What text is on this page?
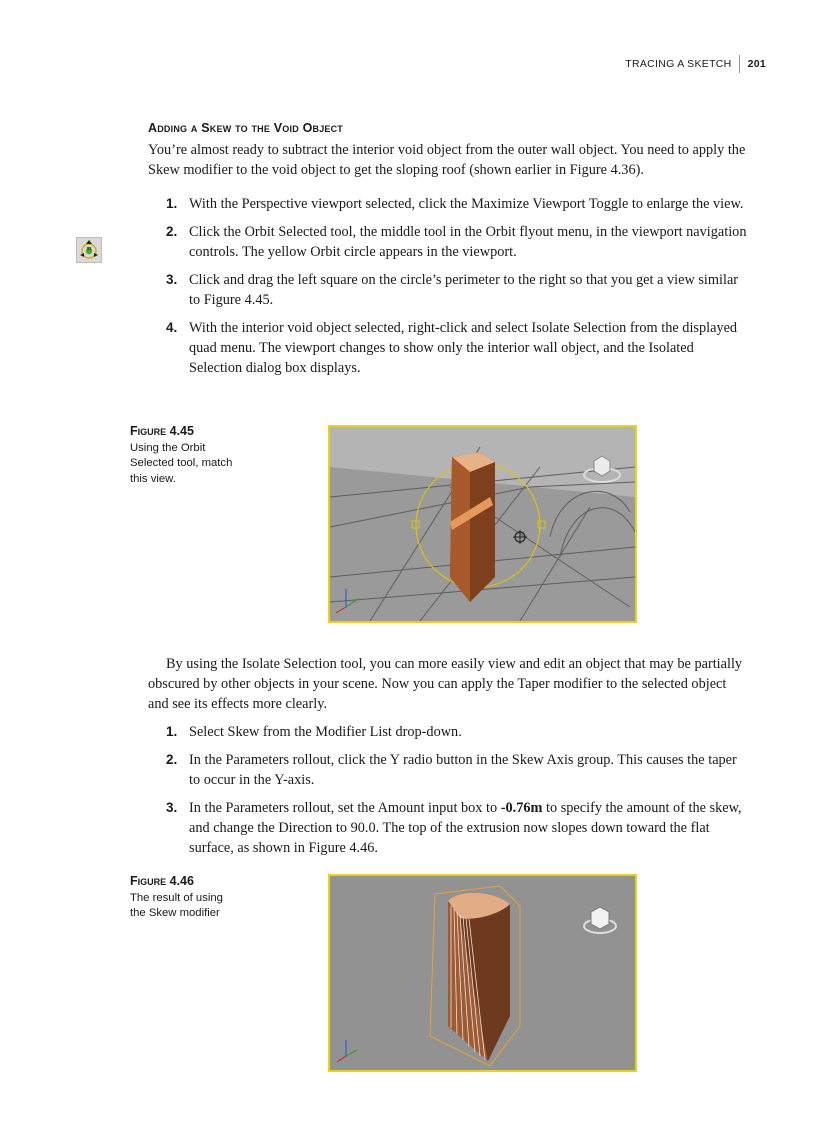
TRACING A SKETCH	201
Adding a Skew to the Void Object

You’re almost ready to subtract the interior void object from the outer wall object. You need to apply the Skew modifier to the void object to get the sloping roof (shown earlier in Figure 4.36).

1. With the Perspective viewport selected, click the Maximize Viewport Toggle to enlarge the view.
2. Click the Orbit Selected tool, the middle tool in the Orbit flyout menu, in the viewport navigation controls. The yellow Orbit circle appears in the viewport.
3. Click and drag the left square on the circle’s perimeter to the right so that you get a view similar to Figure 4.45.
4. With the interior void object selected, right-click and select Isolate Selection from the displayed quad menu. The viewport changes to show only the interior wall object, and the Isolated Selection dialog box displays.
Figure 4.45
Using the Orbit Selected tool, match this view.

By using the Isolate Selection tool, you can more easily view and edit an object that may be partially obscured by other objects in your scene. Now you can apply the Taper modifier to the selected object and see its effects more clearly.

1. Select Skew from the Modifier List drop-down.
2. In the Parameters rollout, click the Y radio button in the Skew Axis group. This causes the taper to occur in the Y-axis.
3. In the Parameters rollout, set the Amount input box to -0.76m to specify the amount of the skew, and change the Direction to 90.0. The top of the extrusion now slopes down toward the flat surface, as shown in Figure 4.46.
Figure 4.46
The result of using the Skew modifier
